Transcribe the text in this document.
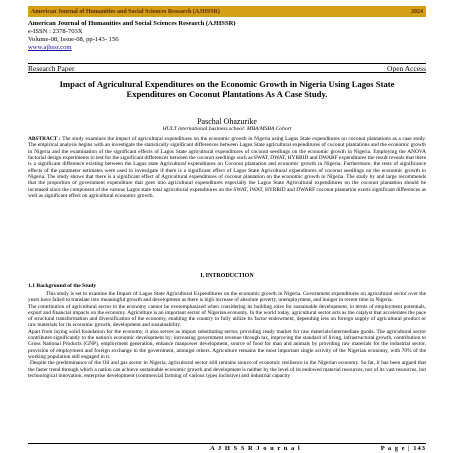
American Journal of Humanities and Social Sciences Research (AJHSSR)	2024
American Journal of Humanities and Social Sciences Research (AJHSSR)
e-ISSN : 2378-703X
Volume-08, Issue-08, pp-143- 156
www.ajhssr.com
Research Paper	Open Access
Impact of Agricultural Expenditures on the Economic Growth in Nigeria Using Lagos State Expenditures on Coconut Plantations As A Case Study.
Paschal Ohazurike
HULT international business school: MBA/MSBA Cohort
ABSTRACT : The study examines the impact of agricultural expenditures on the economic growth in Nigeria using Lagos State expenditures on coconut plantations as a case study. The empirical analysis begins with an investigate the statistically significant differences between Lagos State agricultural expenditures of coconut plantations and the economic growth in Nigeria and the examination of the significant effects of Lagos State agricultural expenditures of coconut seedlings on the economic growth in Nigeria. Employing the ANOVA factorial design experiments to test for the significant differences between the coconut seedlings such as SWAT, DWAT, HYBRID and DWARF expenditures the result reveals that there is a significant difference existing between the Lagos state Agricultural expenditures on Coconut plantation and economic growth in Nigeria. Furthermore, the tests of significance effects of the parameter estimates were used to investigate if there is a significant effect of Lagos State Agricultural expenditures of coconut seedlings on the economic growth in Nigeria. The study shows that there is a significant effect of Agricultural expenditures of coconut plantation on the economic growth in Nigeria. The study by and large recommends that the proportion of government expenditure that goes into agricultural expenditures especially the Lagos State Agricultural expenditures on the coconut plantation should be increased since the component of the various Lagos state total agricultural expenditures on the SWAT, IWAT, HYBRID and DWARF coconut plantation exerts significant differences as well as significant effect on agricultural economic growth.
I. INTRODUCTION
1.1 Background of the Study

This study is set to examine the Impact of Lagos State Agricultural Expenditures on the economic growth in Nigeria. Government expenditures on agricultural sector over the years have failed to translate into meaningful growth and development as there is high increase of absolute poverty, unemployment, and hunger in recent time in Nigeria.

The contribution of agricultural sector to the economy cannot be overemphasized when considering its building roles for sustainable development, in terms of employment potentials, export and financial impacts on the economy. Agriculture is an important sector of Nigerian economy. In the world today, agricultural sector acts as the catalyst that accelerates the pace of structural transformation and diversification of the economy, enabling the country to fully utilize its factor endowment, depending less on foreign supply of agricultural product or raw materials for its economic growth, development and sustainability.

Apart from laying solid foundation for the economy, it also serves as import substituting sector, providing ready market for raw materials/intermediate goods. The agricultural sector contributes significantly to the nation's economic development by: increasing government revenue through tax, improving the standard of living, infrastructural growth, contribution to Gross National Products (GNP), employment generation, enhance manpower development, source of food for man and animals by providing raw materials for the industrial sector, provision of employment and foreign exchange to the government, amongst others. Agriculture remains the most important single activity of the Nigerian economy, with 70% of the working population still engaged in it.

Despite the predominance of the Oil and gas sector in Nigeria, agricultural sector still remains source of economic resilience in the Nigerian economy. So far, it has been argued that the faster trend through which a nation can achieve sustainable economic growth and development is neither by the level of its endowed material resources, nor of its vast resources, but technological innovation, enterprise development (commercial farming of various types inclusive) and industrial capacity

A J H S S R J o u r n a l	P a g e | 143
